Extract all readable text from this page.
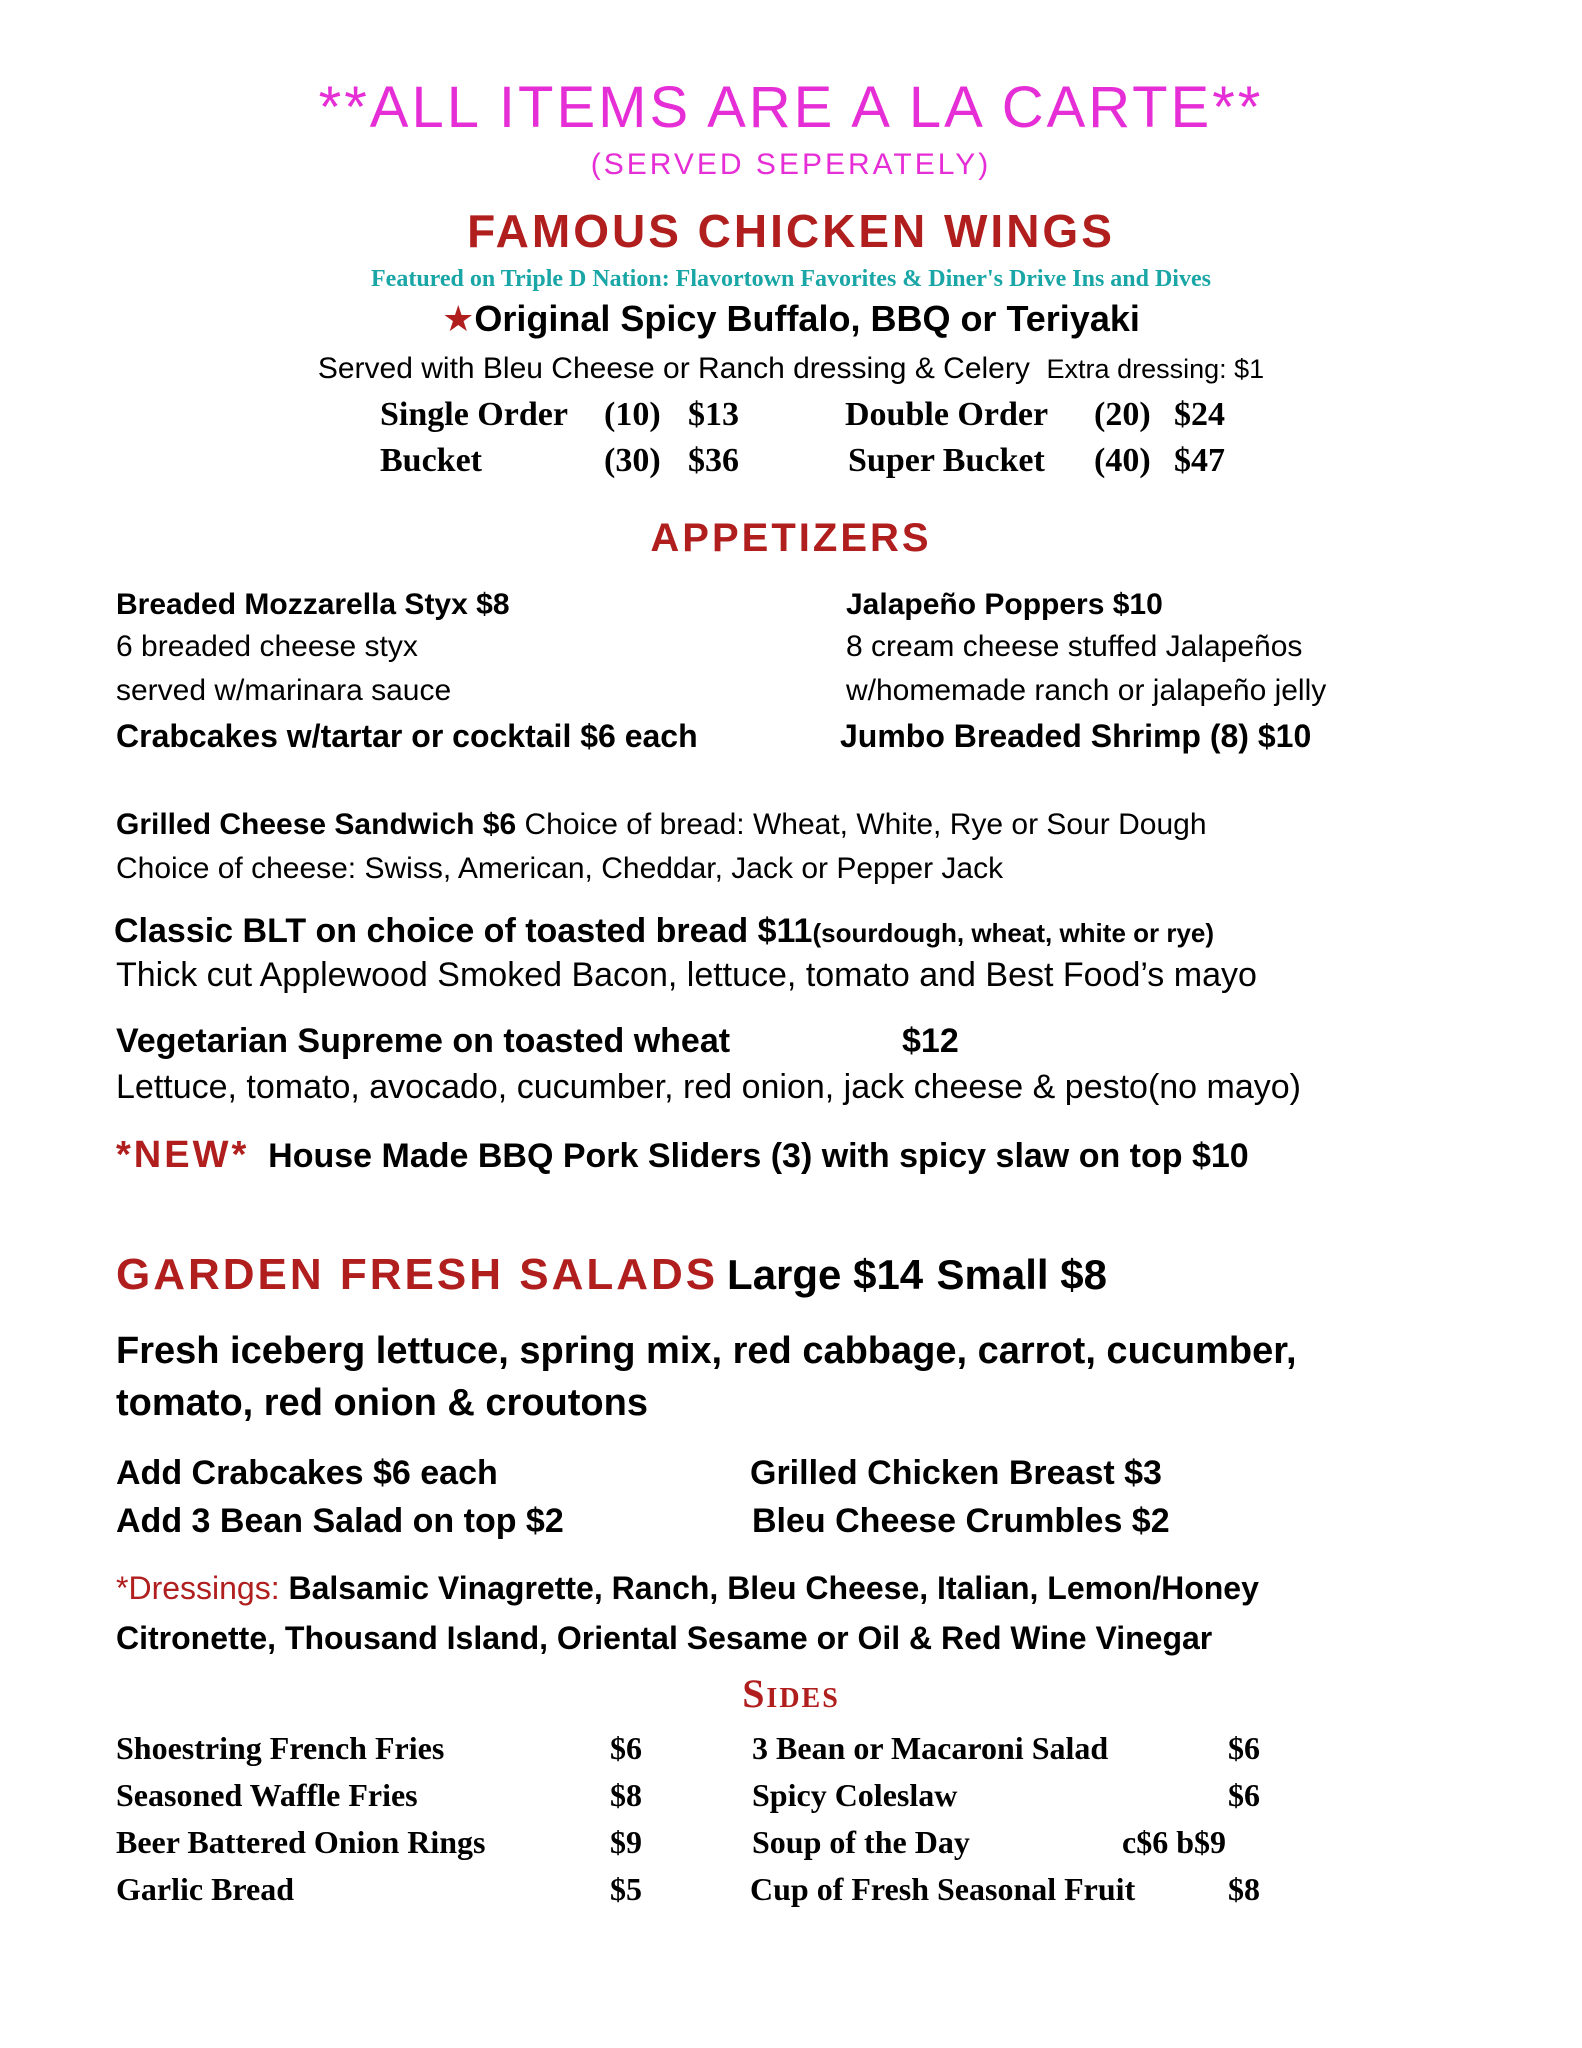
**ALL ITEMS ARE A LA CARTE**
(SERVED SEPERATELY)
FAMOUS CHICKEN WINGS
Featured on Triple D Nation: Flavortown Favorites & Diner's Drive Ins and Dives
★Original Spicy Buffalo, BBQ or Teriyaki
Served with Bleu Cheese or Ranch dressing & Celery Extra dressing: $1
Single Order (10) $13	Double Order (20) $24
Bucket	(30) $36	Super Bucket (40) $47
APPETIZERS
Breaded Mozzarella Styx $8
6 breaded cheese styx
served w/marinara sauce
Jalapeño Poppers $10
8 cream cheese stuffed Jalapeños
w/homemade ranch or jalapeño jelly
Crabcakes w/tartar or cocktail $6 each	Jumbo Breaded Shrimp (8) $10
Grilled Cheese Sandwich $6 Choice of bread: Wheat, White, Rye or Sour Dough
Choice of cheese: Swiss, American, Cheddar, Jack or Pepper Jack
Classic BLT on choice of toasted bread $11(sourdough, wheat, white or rye)
Thick cut Applewood Smoked Bacon, lettuce, tomato and Best Food’s mayo
Vegetarian Supreme on toasted wheat	$12
Lettuce, tomato, avocado, cucumber, red onion, jack cheese & pesto(no mayo)
*NEW* House Made BBQ Pork Sliders (3) with spicy slaw on top $10
GARDEN FRESH SALADS Large $14 Small $8
Fresh iceberg lettuce, spring mix, red cabbage, carrot, cucumber,
tomato, red onion & croutons
Add Crabcakes $6 each	Grilled Chicken Breast $3
Add 3 Bean Salad on top $2	Bleu Cheese Crumbles $2
*Dressings: Balsamic Vinagrette, Ranch, Bleu Cheese, Italian, Lemon/Honey
Citronette, Thousand Island, Oriental Sesame or Oil & Red Wine Vinegar
Sides
Shoestring French Fries	$6
Seasoned Waffle Fries	$8
Beer Battered Onion Rings	$9
Garlic Bread	$5
3 Bean or Macaroni Salad	$6
Spicy Coleslaw	$6
Soup of the Day	c$6 b$9
Cup of Fresh Seasonal Fruit	$8
